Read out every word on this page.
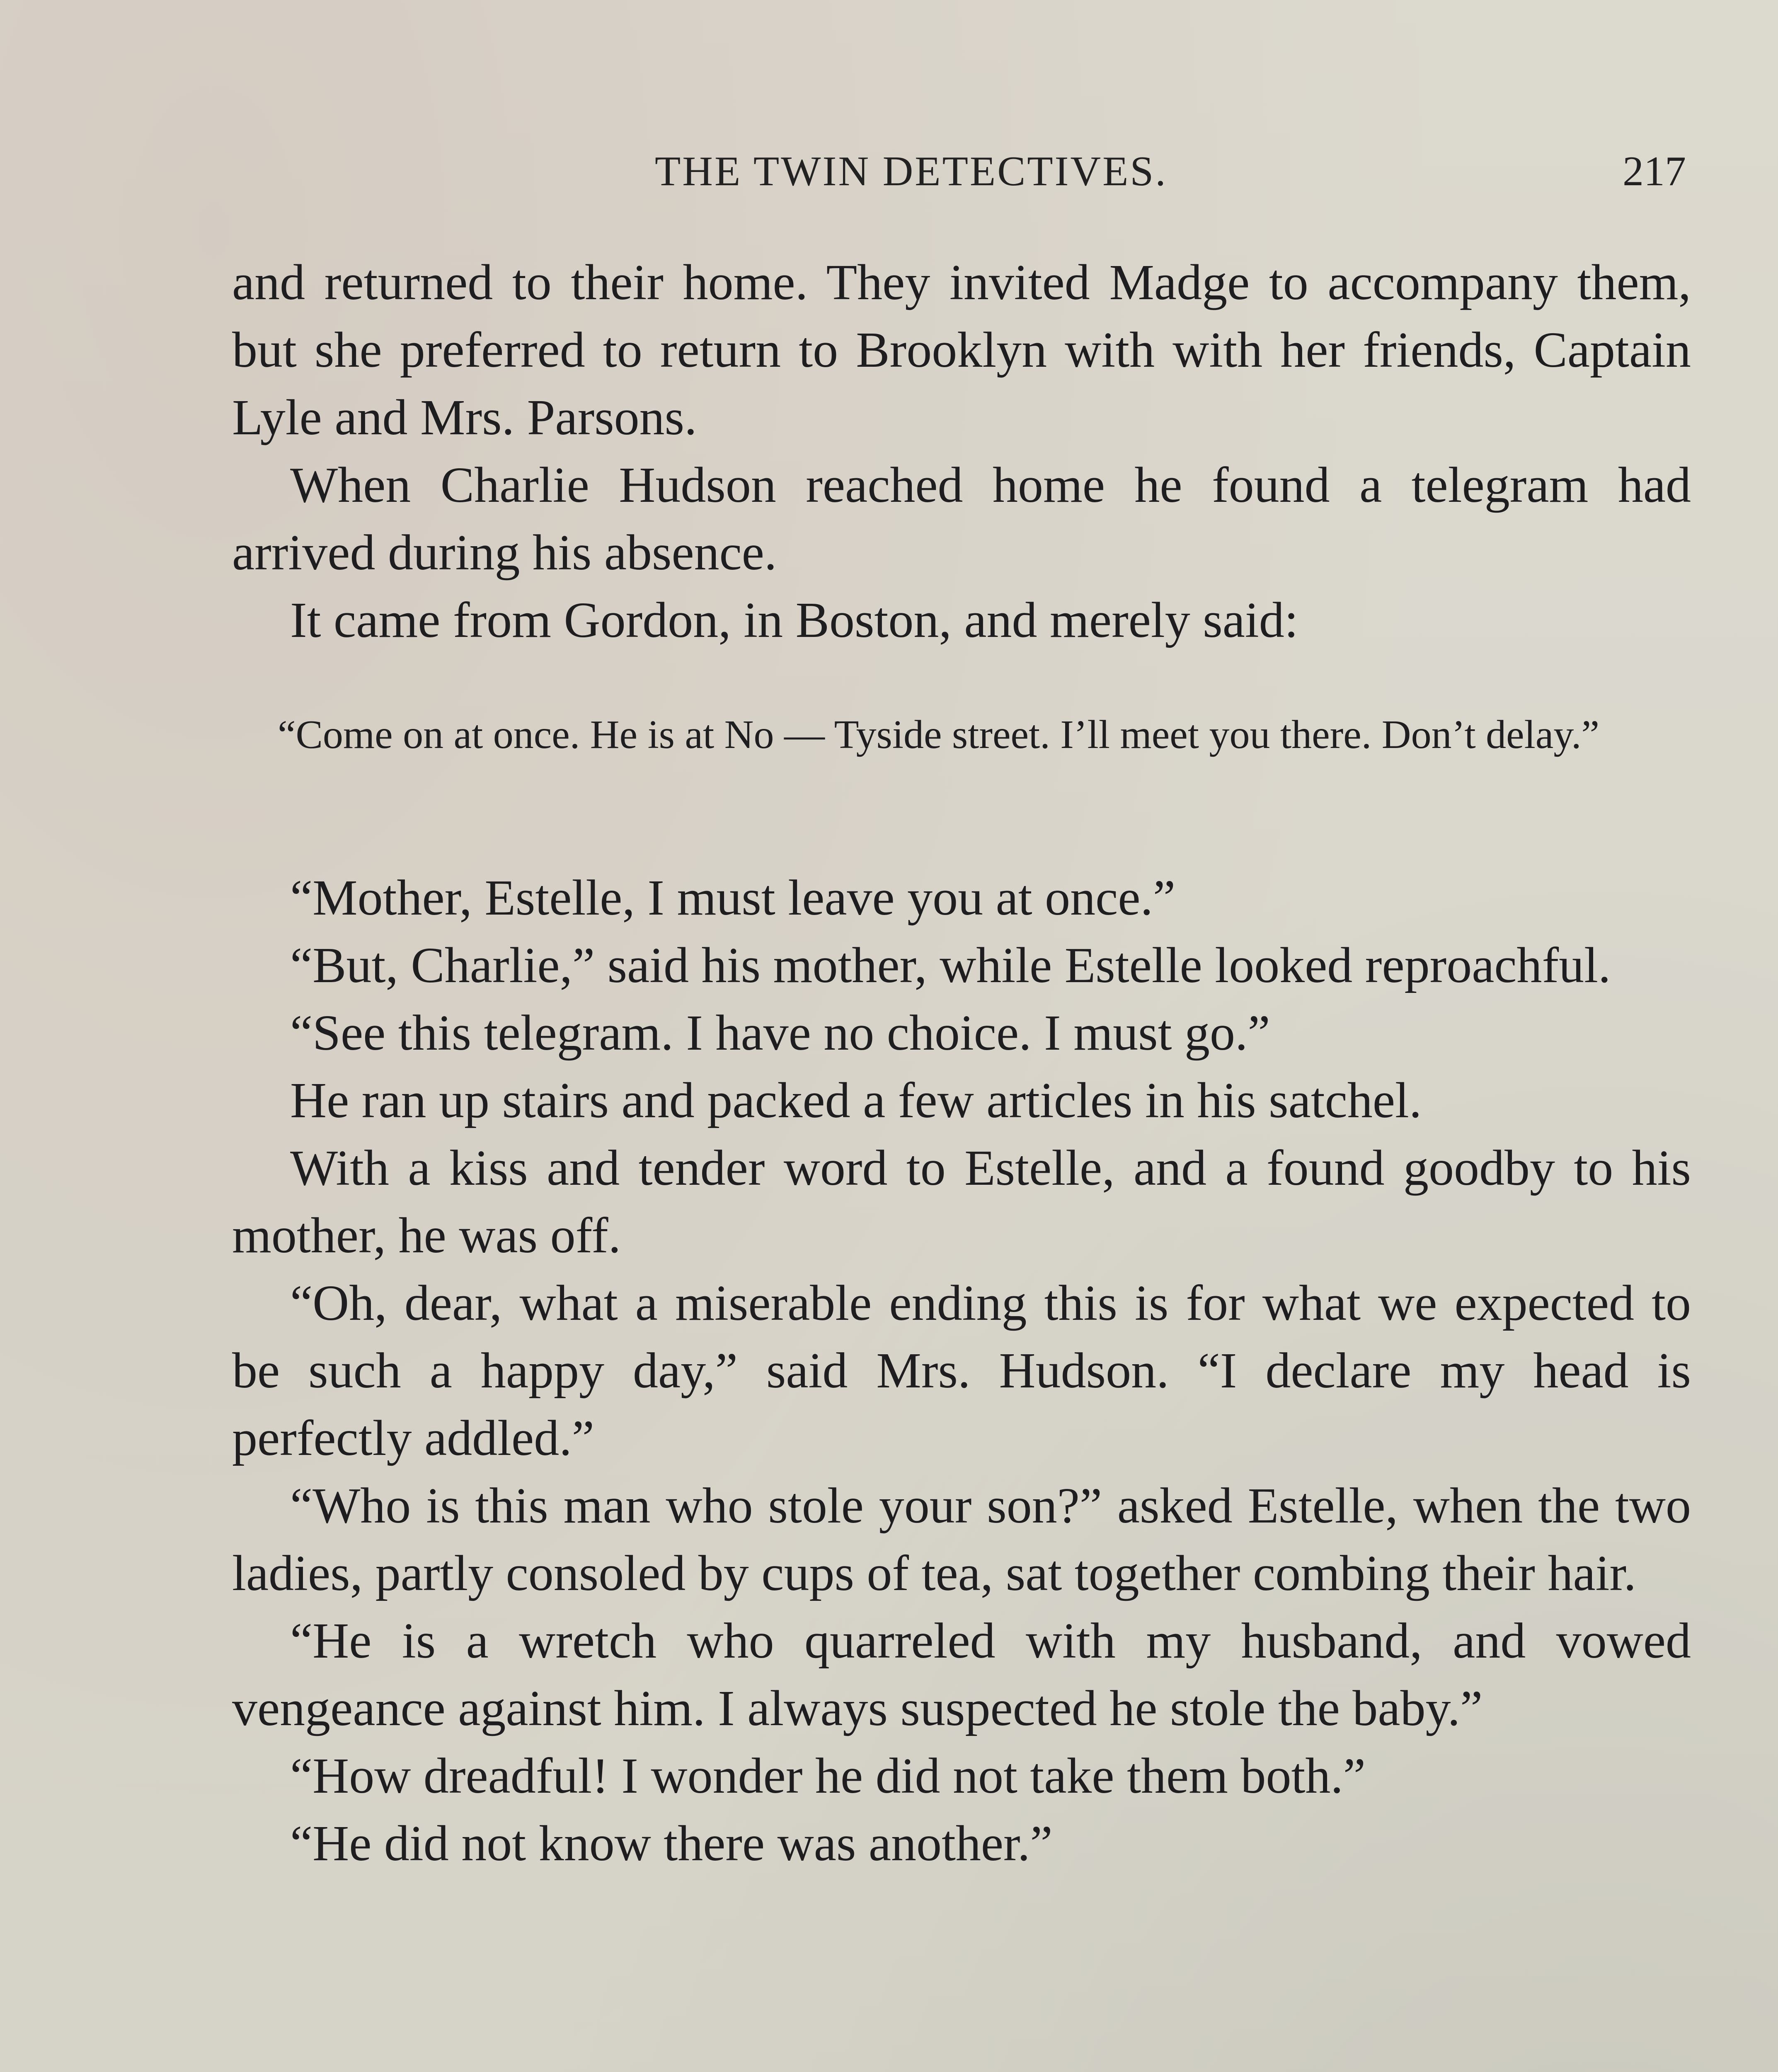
THE TWIN DETECTIVES.	217

and returned to their home. They invited Madge to accompany them, but she preferred to return to Brooklyn with with her friends, Captain Lyle and Mrs. Parsons.

When Charlie Hudson reached home he found a telegram had arrived during his absence.

It came from Gordon, in Boston, and merely said:

“Come on at once. He is at No — Tyside street. I’ll meet you there. Don’t delay.”

“Mother, Estelle, I must leave you at once.”

“But, Charlie,” said his mother, while Estelle looked reproachful.

“See this telegram. I have no choice. I must go.”

He ran up stairs and packed a few articles in his satchel.

With a kiss and tender word to Estelle, and a found goodby to his mother, he was off.

“Oh, dear, what a miserable ending this is for what we expected to be such a happy day,” said Mrs. Hudson. “I declare my head is perfectly addled.”

“Who is this man who stole your son?” asked Estelle, when the two ladies, partly consoled by cups of tea, sat together combing their hair.

“He is a wretch who quarreled with my husband, and vowed vengeance against him. I always suspected he stole the baby.”

“How dreadful! I wonder he did not take them both.”

“He did not know there was another.”
